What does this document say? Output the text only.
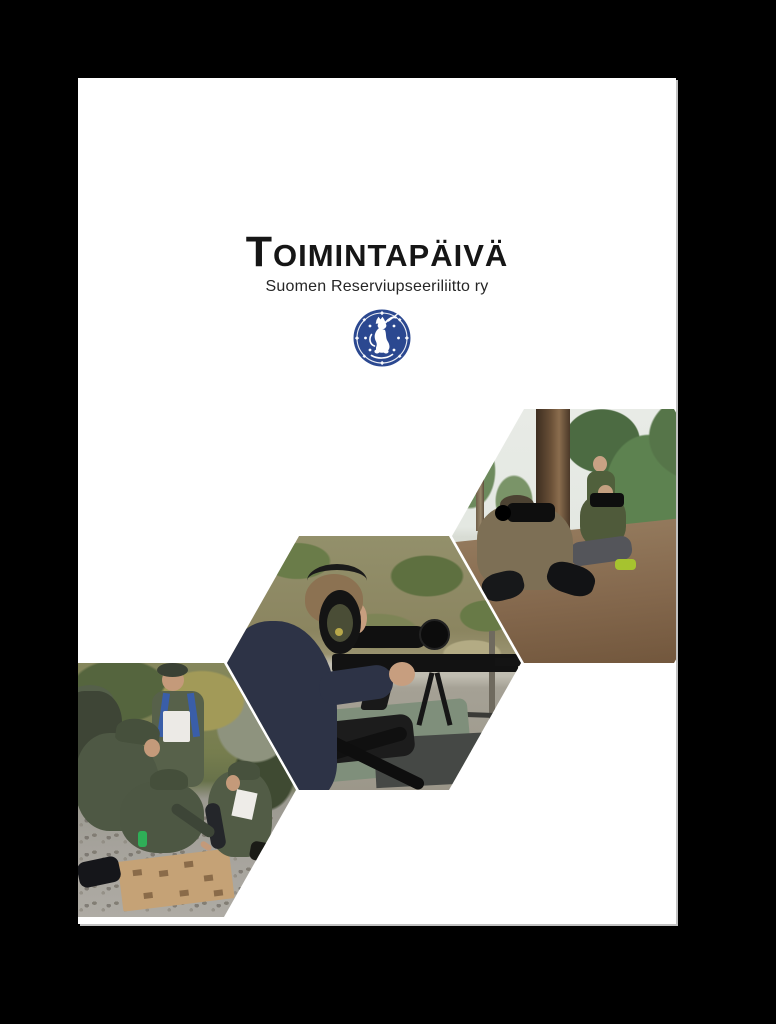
TOIMINTAPÄIVÄ
Suomen Reserviupseeriliitto ry
